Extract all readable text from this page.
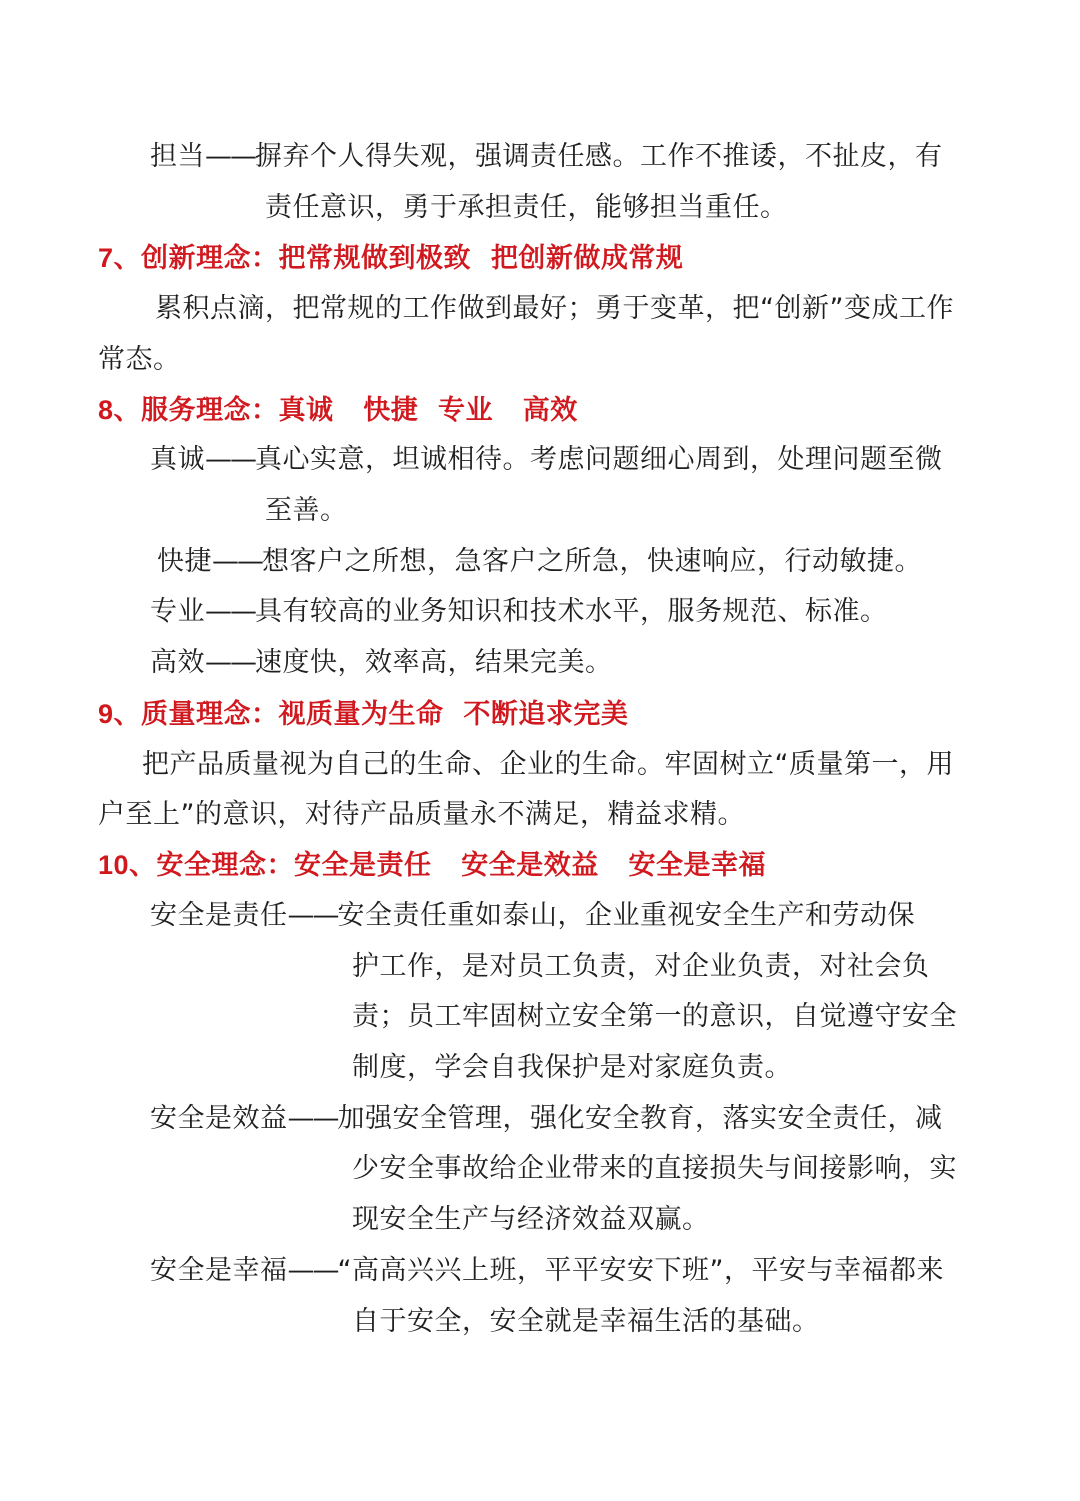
担当 —— 摒弃个人得失观，强调责任感。工作不推诿，不扯皮，有
责任意识，勇于承担责任，能够担当重任。
7、创新理念：把常规做到极致  把创新做成常规
累积点滴，把常规的工作做到最好；勇于变革，把“创新”变成工作
常态。
8、服务理念：真诚   快捷  专业   高效
真诚 —— 真心实意，坦诚相待。考虑问题细心周到，处理问题至微
至善。
快捷 —— 想客户之所想，急客户之所急，快速响应，行动敏捷。
专业 —— 具有较高的业务知识和技术水平，服务规范、标准。
高效 —— 速度快，效率高，结果完美。
9、质量理念：视质量为生命  不断追求完美
把产品质量视为自己的生命、企业的生命。牢固树立“质量第一，用
户至上”的意识，对待产品质量永不满足，精益求精。
10、安全理念：安全是责任   安全是效益   安全是幸福
安全是责任 —— 安全责任重如泰山，企业重视安全生产和劳动保
护工作，是对员工负责，对企业负责，对社会负
责；员工牢固树立安全第一的意识，自觉遵守安全
制度，学会自我保护是对家庭负责。
安全是效益 —— 加强安全管理，强化安全教育，落实安全责任，减
少安全事故给企业带来的直接损失与间接影响，实
现安全生产与经济效益双赢。
安全是幸福 —— “高高兴兴上班，平平安安下班”，平安与幸福都来
自于安全，安全就是幸福生活的基础。
